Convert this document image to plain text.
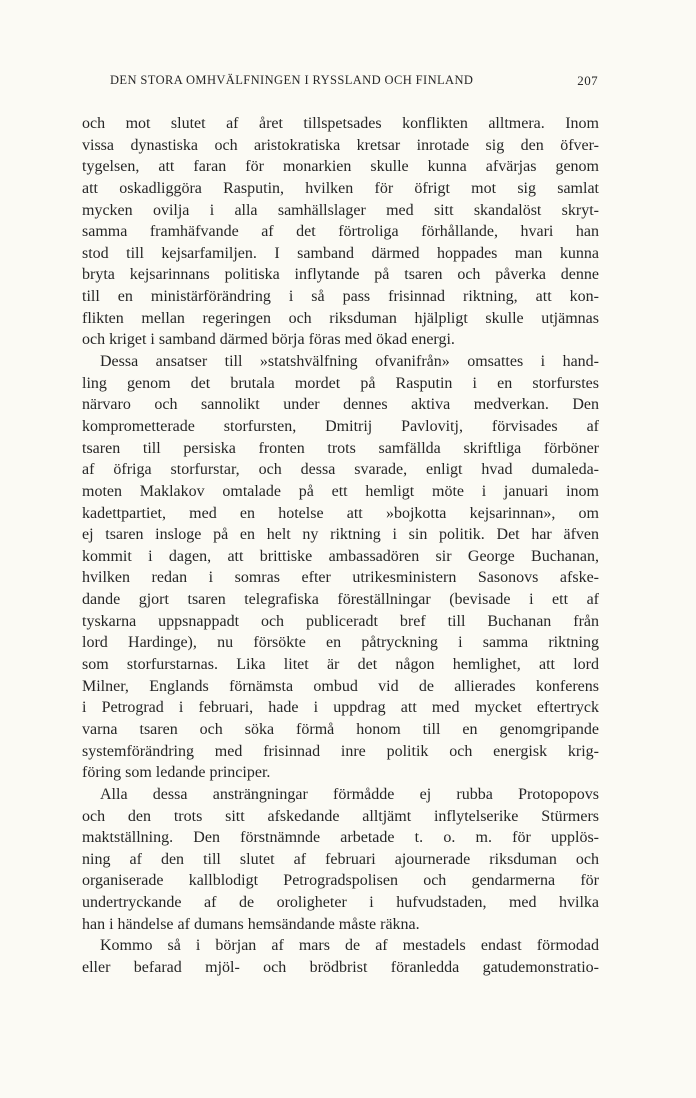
DEN STORA OMHVÄLFNINGEN I RYSSLAND OCH FINLAND	207
och mot slutet af året tillspetsades konflikten alltmera. Inom
vissa dynastiska och aristokratiska kretsar inrotade sig den öfver-
tygelsen, att faran för monarkien skulle kunna afvärjas genom
att oskadliggöra Rasputin, hvilken för öfrigt mot sig samlat
mycken ovilja i alla samhällslager med sitt skandalöst skryt-
samma framhäfvande af det förtroliga förhållande, hvari han
stod till kejsarfamiljen. I samband därmed hoppades man kunna
bryta kejsarinnans politiska inflytande på tsaren och påverka denne
till en ministärförändring i så pass frisinnad riktning, att kon-
flikten mellan regeringen och riksduman hjälpligt skulle utjämnas
och kriget i samband därmed börja föras med ökad energi.
Dessa ansatser till »statshvälfning ofvanifrån» omsattes i hand-
ling genom det brutala mordet på Rasputin i en storfurstes
närvaro och sannolikt under dennes aktiva medverkan. Den
komprometterade storfursten, Dmitrij Pavlovitj, förvisades af
tsaren till persiska fronten trots samfällda skriftliga förböner
af öfriga storfurstar, och dessa svarade, enligt hvad dumaleda-
moten Maklakov omtalade på ett hemligt möte i januari inom
kadettpartiet, med en hotelse att »bojkotta kejsarinnan», om
ej tsaren insloge på en helt ny riktning i sin politik. Det har äfven
kommit i dagen, att brittiske ambassadören sir George Buchanan,
hvilken redan i somras efter utrikesministern Sasonovs afske-
dande gjort tsaren telegrafiska föreställningar (bevisade i ett af
tyskarna uppsnappadt och publiceradt bref till Buchanan från
lord Hardinge), nu försökte en påtryckning i samma riktning
som storfurstarnas. Lika litet är det någon hemlighet, att lord
Milner, Englands förnämsta ombud vid de allierades konferens
i Petrograd i februari, hade i uppdrag att med mycket eftertryck
varna tsaren och söka förmå honom till en genomgripande
systemförändring med frisinnad inre politik och energisk krig-
föring som ledande principer.
Alla dessa ansträngningar förmådde ej rubba Protopopovs
och den trots sitt afskedande alltjämt inflytelserike Stürmers
maktställning. Den förstnämnde arbetade t. o. m. för upplös-
ning af den till slutet af februari ajournerade riksduman och
organiserade kallblodigt Petrogradspolisen och gendarmerna för
undertryckande af de oroligheter i hufvudstaden, med hvilka
han i händelse af dumans hemsändande måste räkna.
Kommo så i början af mars de af mestadels endast förmodad
eller befarad mjöl- och brödbrist föranledda gatudemonstratio-
